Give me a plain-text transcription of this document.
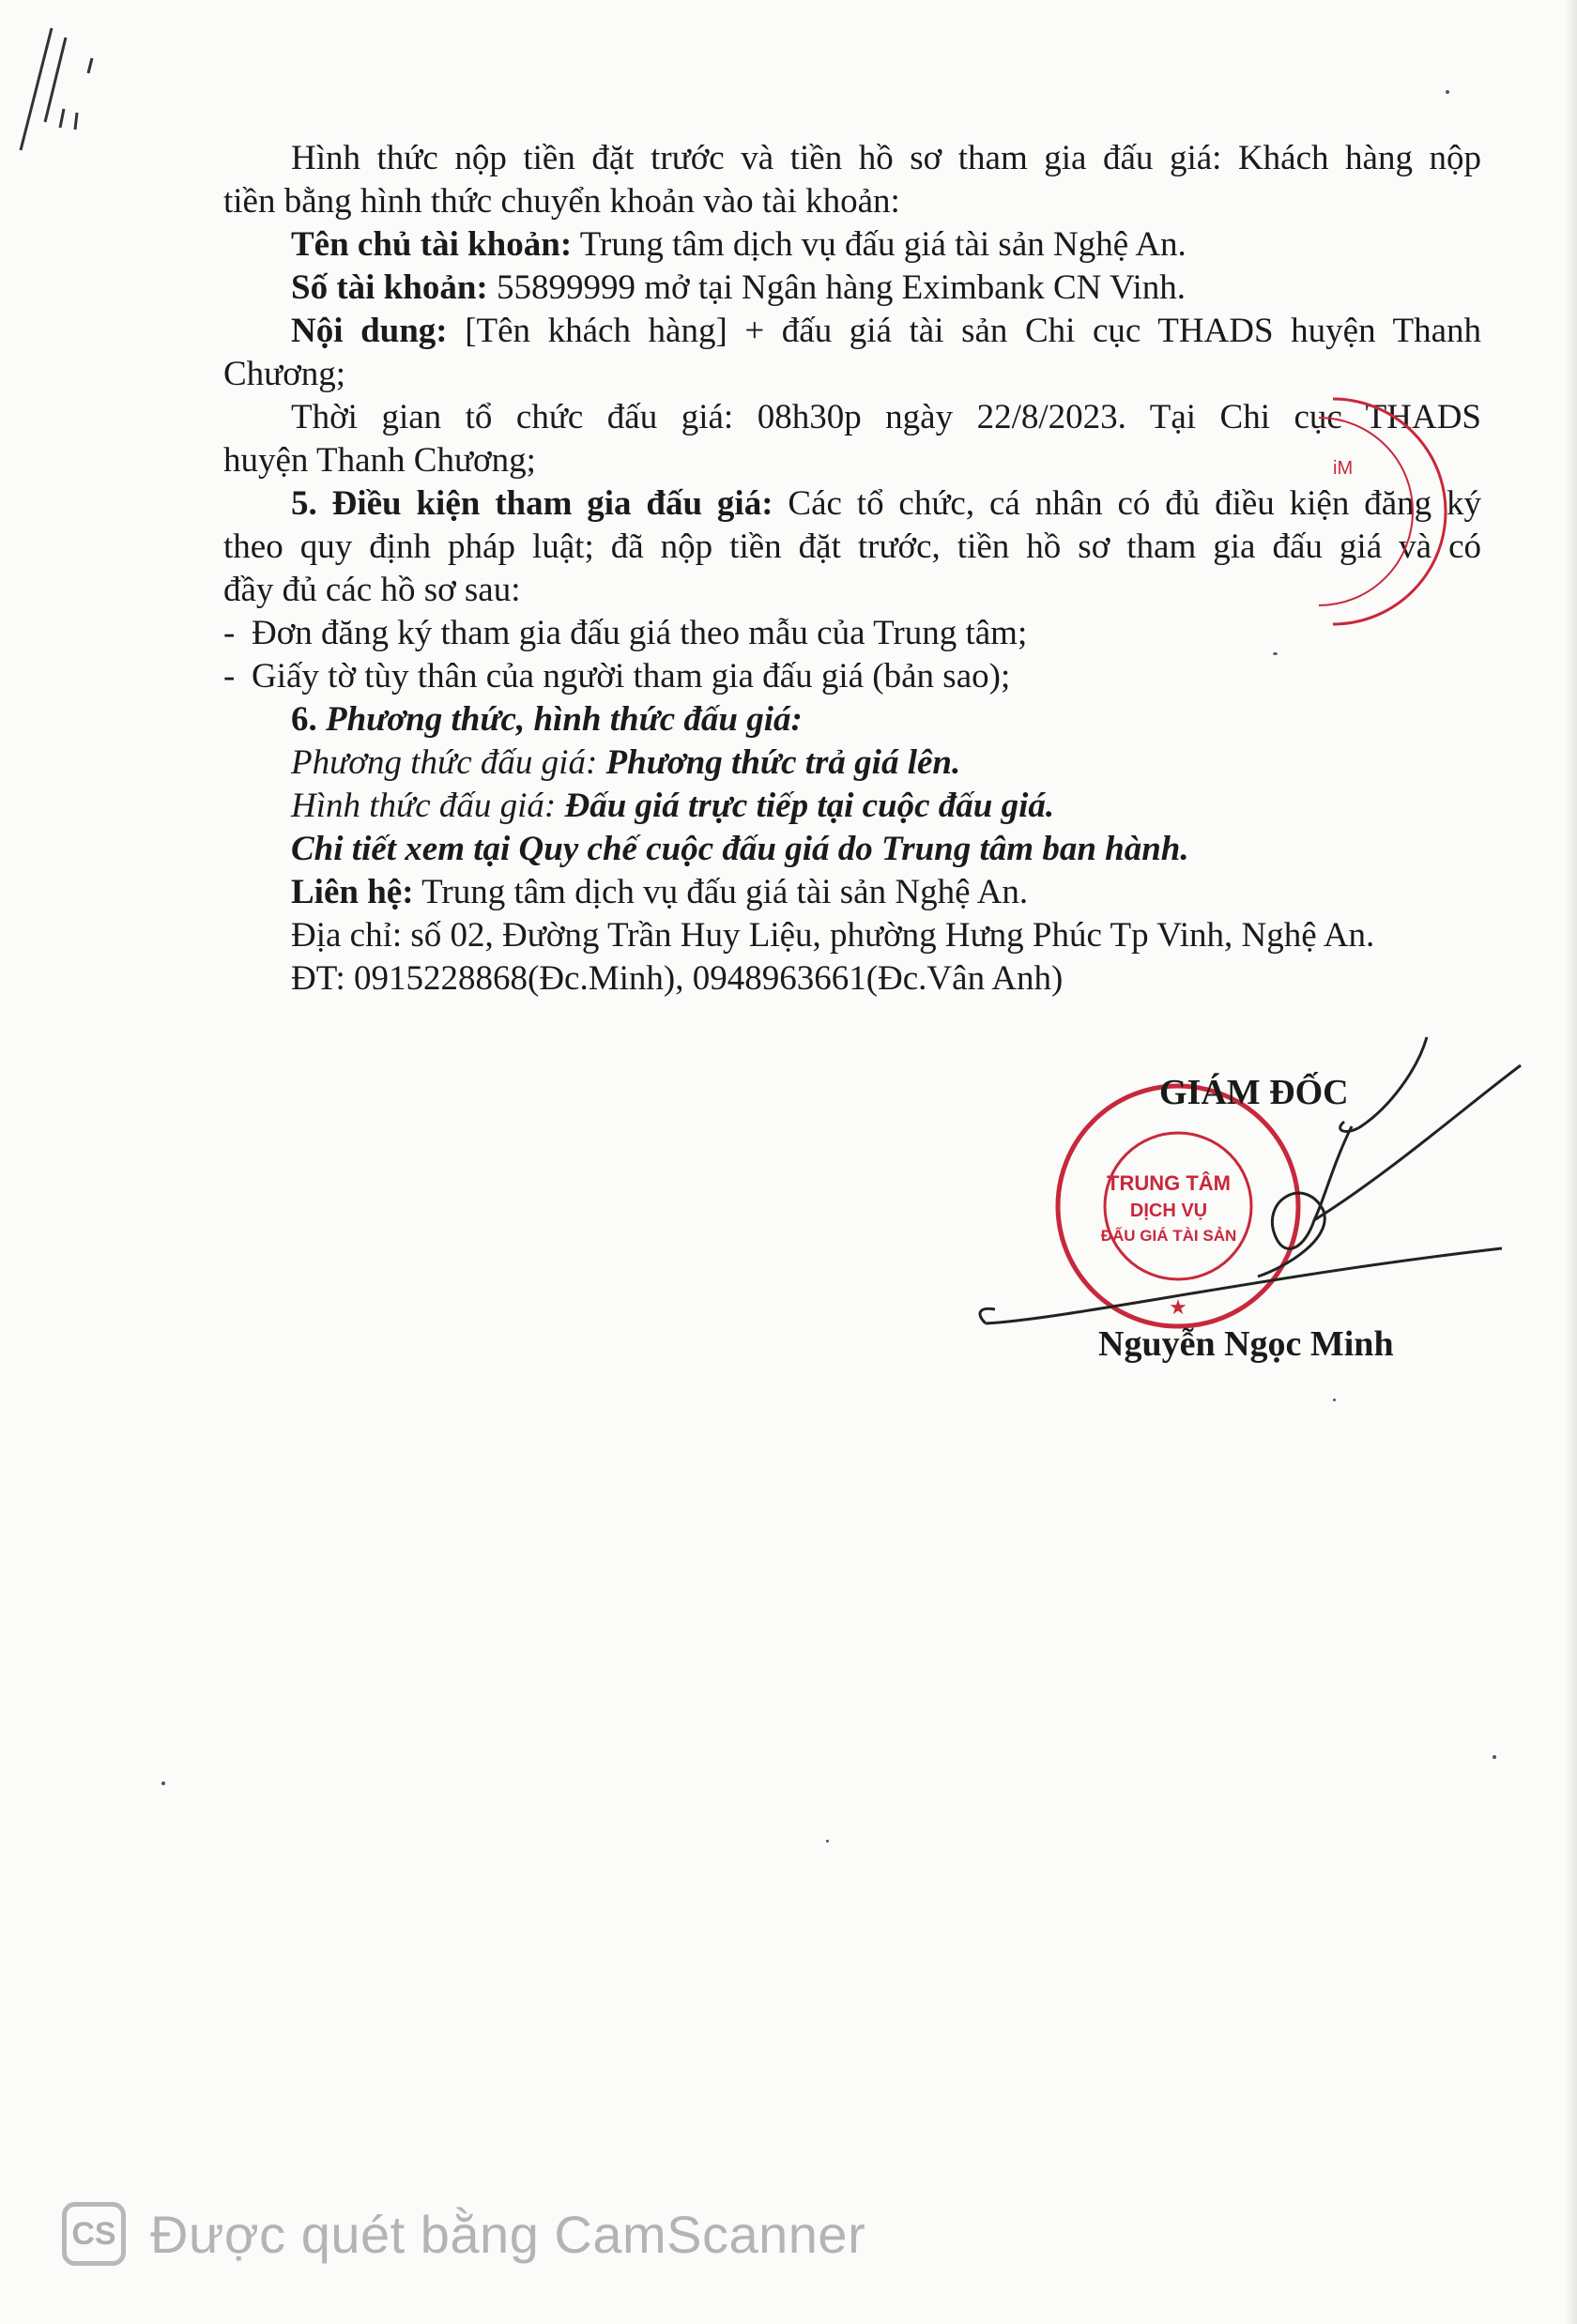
Hình thức nộp tiền đặt trước và tiền hồ sơ tham gia đấu giá: Khách hàng nộp
tiền bằng hình thức chuyển khoản vào tài khoản:
Tên chủ tài khoản: Trung tâm dịch vụ đấu giá tài sản Nghệ An.
Số tài khoản: 55899999 mở tại Ngân hàng Eximbank CN Vinh.
Nội dung: [Tên khách hàng] + đấu giá tài sản Chi cục THADS huyện Thanh
Chương;
Thời gian tổ chức đấu giá: 08h30p ngày 22/8/2023. Tại Chi cục THADS
huyện Thanh Chương;
5. Điều kiện tham gia đấu giá: Các tổ chức, cá nhân có đủ điều kiện đăng ký
theo quy định pháp luật; đã nộp tiền đặt trước, tiền hồ sơ tham gia đấu giá và có
đầy đủ các hồ sơ sau:
- Đơn đăng ký tham gia đấu giá theo mẫu của Trung tâm;
- Giấy tờ tùy thân của người tham gia đấu giá (bản sao);
6. Phương thức, hình thức đấu giá:
Phương thức đấu giá: Phương thức trả giá lên.
Hình thức đấu giá: Đấu giá trực tiếp tại cuộc đấu giá.
Chi tiết xem tại Quy chế cuộc đấu giá do Trung tâm ban hành.
Liên hệ: Trung tâm dịch vụ đấu giá tài sản Nghệ An.
Địa chỉ: số 02, Đường Trần Huy Liệu, phường Hưng Phúc Tp Vinh, Nghệ An.
ĐT: 0915228868(Đc.Minh), 0948963661(Đc.Vân Anh)
iM
TRUNG TÂM
DỊCH VỤ
ĐẤU GIÁ TÀI SẢN
★
GIÁM ĐỐC
Nguyễn Ngọc Minh
CS Được quét bằng CamScanner
